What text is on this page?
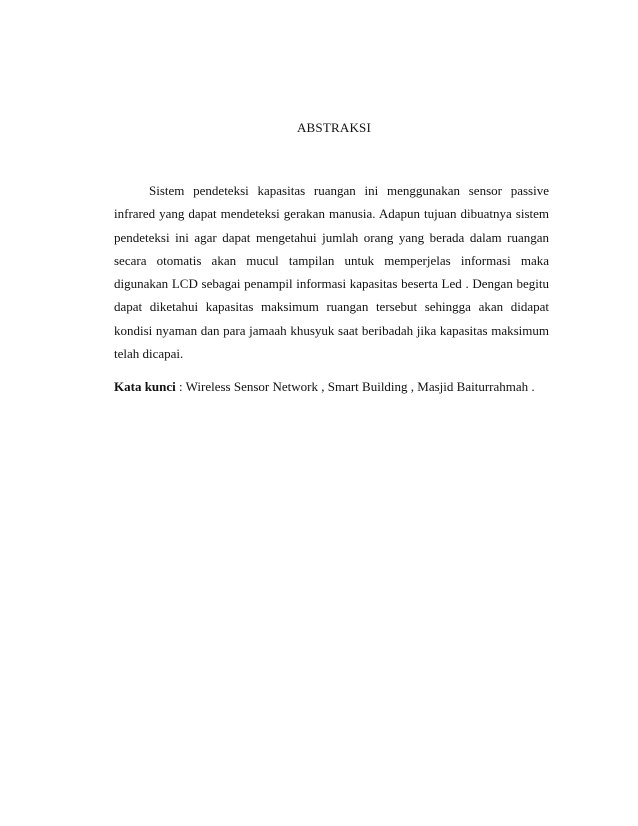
ABSTRAKSI

Sistem pendeteksi kapasitas ruangan ini menggunakan sensor passive infrared yang dapat mendeteksi gerakan manusia. Adapun tujuan dibuatnya sistem pendeteksi ini agar dapat mengetahui jumlah orang yang berada dalam ruangan secara otomatis akan mucul tampilan untuk memperjelas informasi maka digunakan LCD sebagai penampil informasi kapasitas beserta Led . Dengan begitu dapat diketahui kapasitas maksimum ruangan tersebut sehingga akan didapat kondisi nyaman dan para jamaah khusyuk saat beribadah jika kapasitas maksimum telah dicapai.

Kata kunci : Wireless Sensor Network , Smart Building , Masjid Baiturrahmah .
